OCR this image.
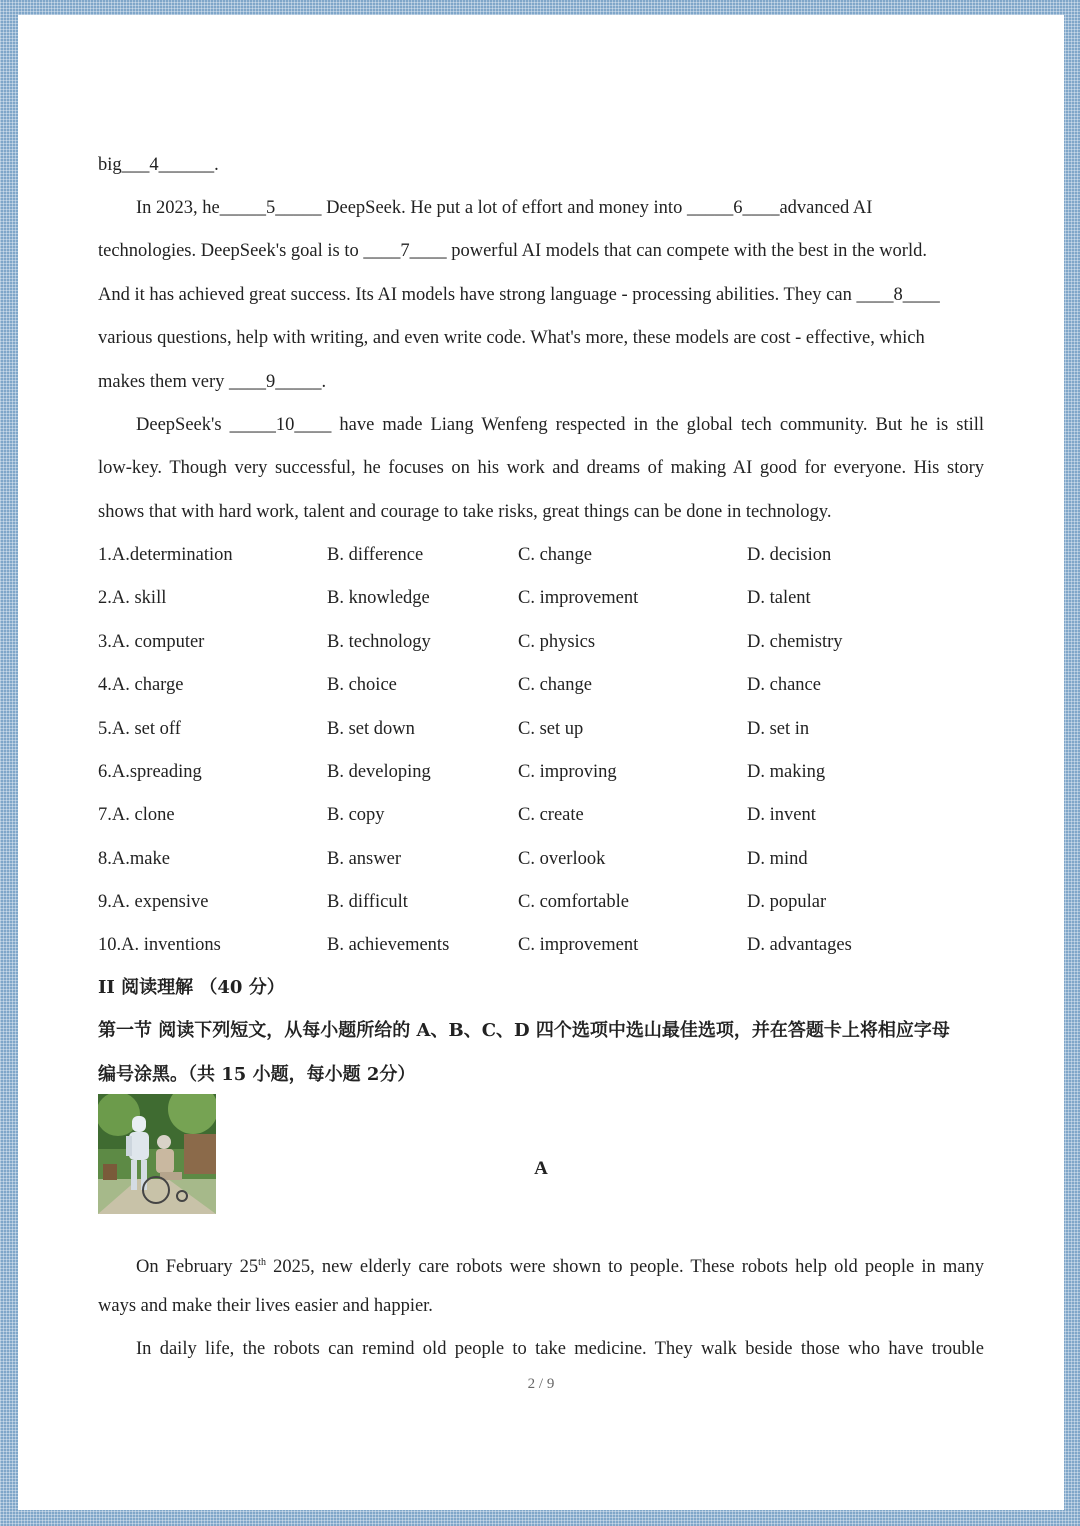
big___4______.
In 2023, he_____5_____ DeepSeek. He put a lot of effort and money into _____6____advanced AI
technologies. DeepSeek's goal is to ____7____ powerful AI models that can compete with the best in the world.
And it has achieved great success. Its AI models have strong language - processing abilities. They can ____8____
various questions, help with writing, and even write code. What's more, these models are cost - effective, which
makes them very ____9_____.
DeepSeek's _____10____ have made Liang Wenfeng respected in the global tech community. But he is still
low-key. Though very successful, he focuses on his work and dreams of making AI good for everyone. His story
shows that with hard work, talent and courage to take risks, great things can be done in technology.
1.A.determination	B. difference	C. change	D. decision
2.A. skill	B. knowledge	C. improvement	D. talent
3.A. computer	B. technology	C. physics	D. chemistry
4.A. charge	B. choice	C. change	D. chance
5.A. set off	B. set down	C. set up	D. set in
6.A.spreading	B. developing	C. improving	D. making
7.A. clone	B. copy	C. create	D. invent
8.A.make	B. answer	C. overlook	D. mind
9.A. expensive	B. difficult	C. comfortable	D. popular
10.A. inventions	B. achievements	C. improvement	D. advantages
II 阅读理解 （40 分）
第一节 阅读下列短文，从每小题所给的 A、B、C、D 四个选项中选山最佳选项，并在答题卡上将相应字母
编号涂黑。（共 15 小题，每小题 2分）
A
On February 25th 2025, new elderly care robots were shown to people. These robots help old people in many
ways and make their lives easier and happier.
In daily life, the robots can remind old people to take medicine. They walk beside those who have trouble
2 / 9
